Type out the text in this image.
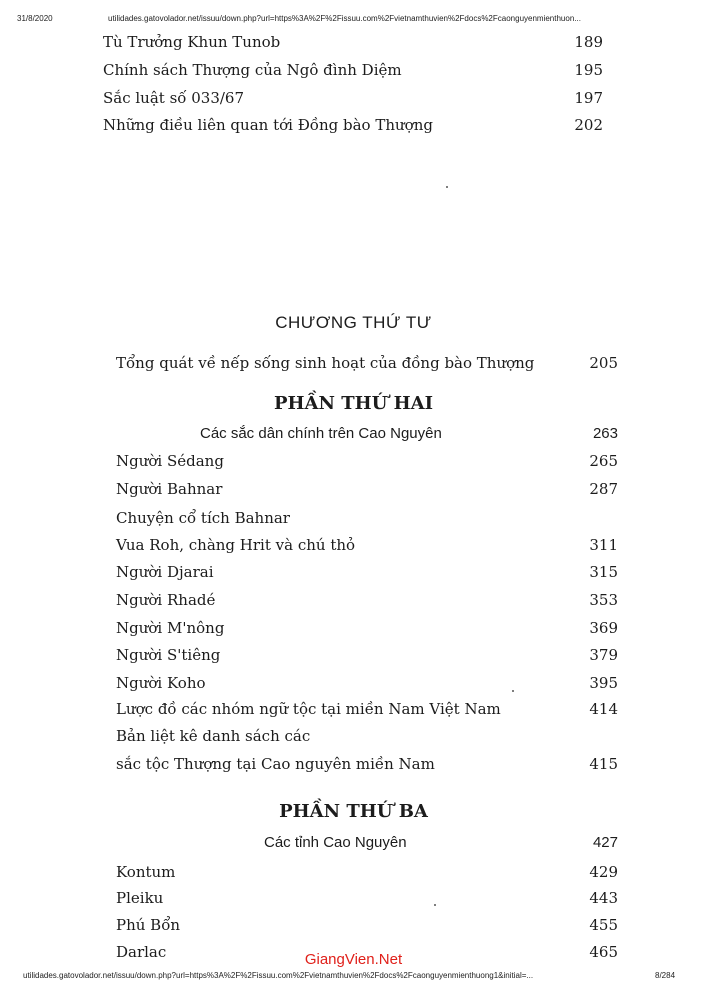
31/8/2020	utilidades.gatovolador.net/issuu/down.php?url=https%3A%2F%2Fissuu.com%2Fvietnamthuvien%2Fdocs%2Fcaonguyenmienthuon...
Tù Trưởng Khun Tunob	189
Chính sách Thượng của Ngô đình Diệm	195
Sắc luật số 033/67	197
Những điều liên quan tới Đồng bào Thượng	202
CHƯƠNG THỨ TƯ
Tổng quát về nếp sống sinh hoạt của đồng bào Thượng	205
PHẦN THỨ HAI
Các sắc dân chính trên Cao Nguyên	263
Người Sédang	265
Người Bahnar	287
Chuyện cổ tích Bahnar
Vua Roh, chàng Hrit và chú thỏ	311
Người Djarai	315
Người Rhadé	353
Người M'nông	369
Người S'tiêng	379
Người Koho	395
Lược đồ các nhóm ngữ tộc tại miền Nam Việt Nam	414
Bản liệt kê danh sách các
sắc tộc Thượng tại Cao nguyên miền Nam	415
PHẦN THỨ BA
Các tỉnh Cao Nguyên	427
Kontum	429
Pleiku	443
Phú Bổn	455
Darlac	465
GiangVien.Net
utilidades.gatovolador.net/issuu/down.php?url=https%3A%2F%2Fissuu.com%2Fvietnamthuvien%2Fdocs%2Fcaonguyenmienthuong1&initial=...	8/284
